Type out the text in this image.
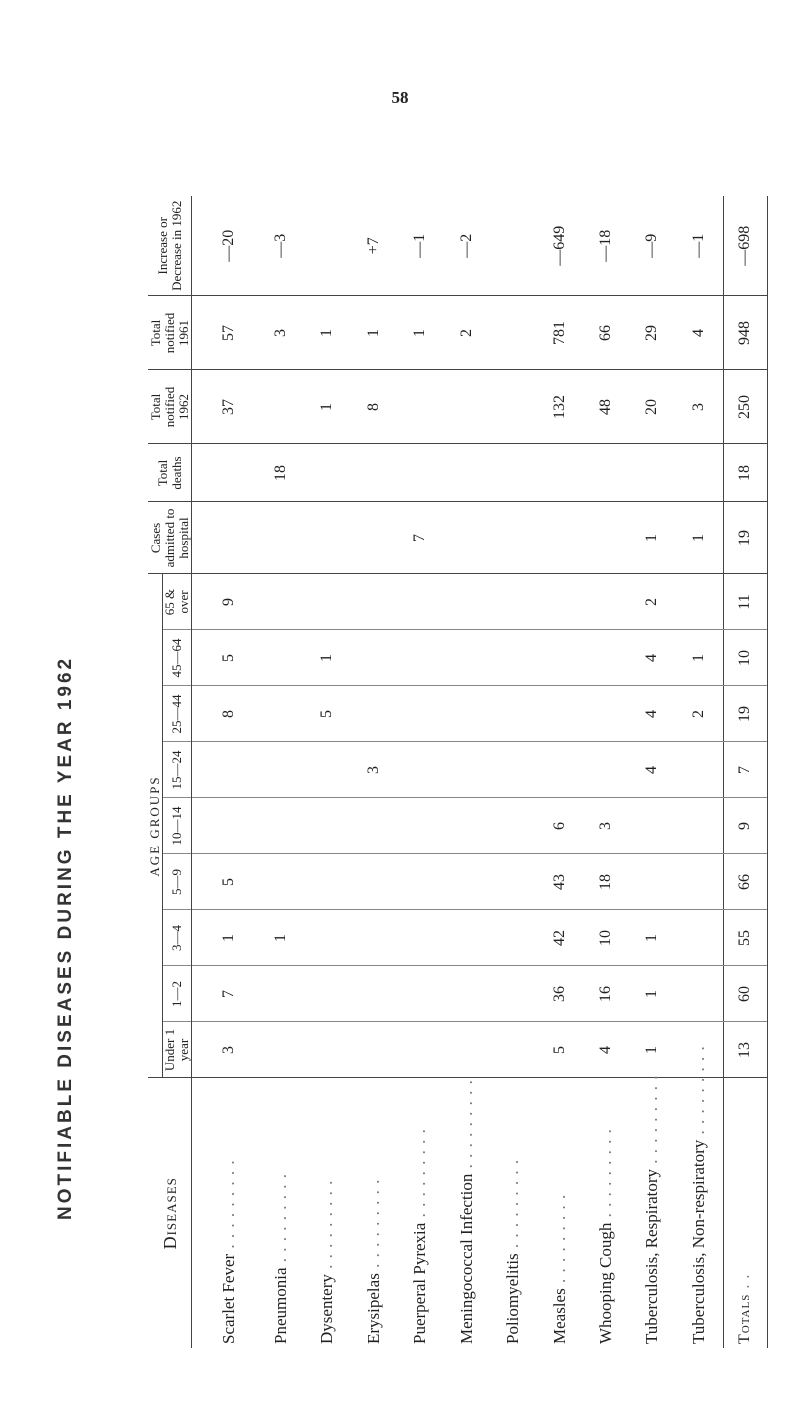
58
NOTIFIABLE DISEASES DURING THE YEAR 1962	Diseases	AGE GROUPS									Cases admitted to hospital	Total deaths	Total notified 1962	Total notified 1961	Increase or Decrease in 1962
	Under 1 year	1—2	3—4	5—9	10—14	15—24	25—44	45—64	65 & over					
Scarlet Fever . . . . . . . . .	3	7	1	5			8	5	9			37	57	—20
Pneumonia . . . . . . . . .			1								18		3	—3
Dysentery . . . . . . . . .							5	1				1	1	
Erysipelas . . . . . . . . .						3						8	1	+7
Puerperal Pyrexia . . . . . . . . .										7			1	—1
Meningococcal Infection . . . . . . . . .													2	—2
Poliomyelitis . . . . . . . . .														
Measles . . . . . . . . .	5	36	42	43	6							132	781	—649
Whooping Cough . . . . . . . . .	4	16	10	18	3							48	66	—18
Tuberculosis, Respiratory . . . . . . . . .	1	1	1			4	4	4	2	1		20	29	—9
Tuberculosis, Non-respiratory . . . . . . . . .							2	1		1		3	4	—1
Totals . .	13	60	55	66	9	7	19	10	11	19	18	250	948	—698
